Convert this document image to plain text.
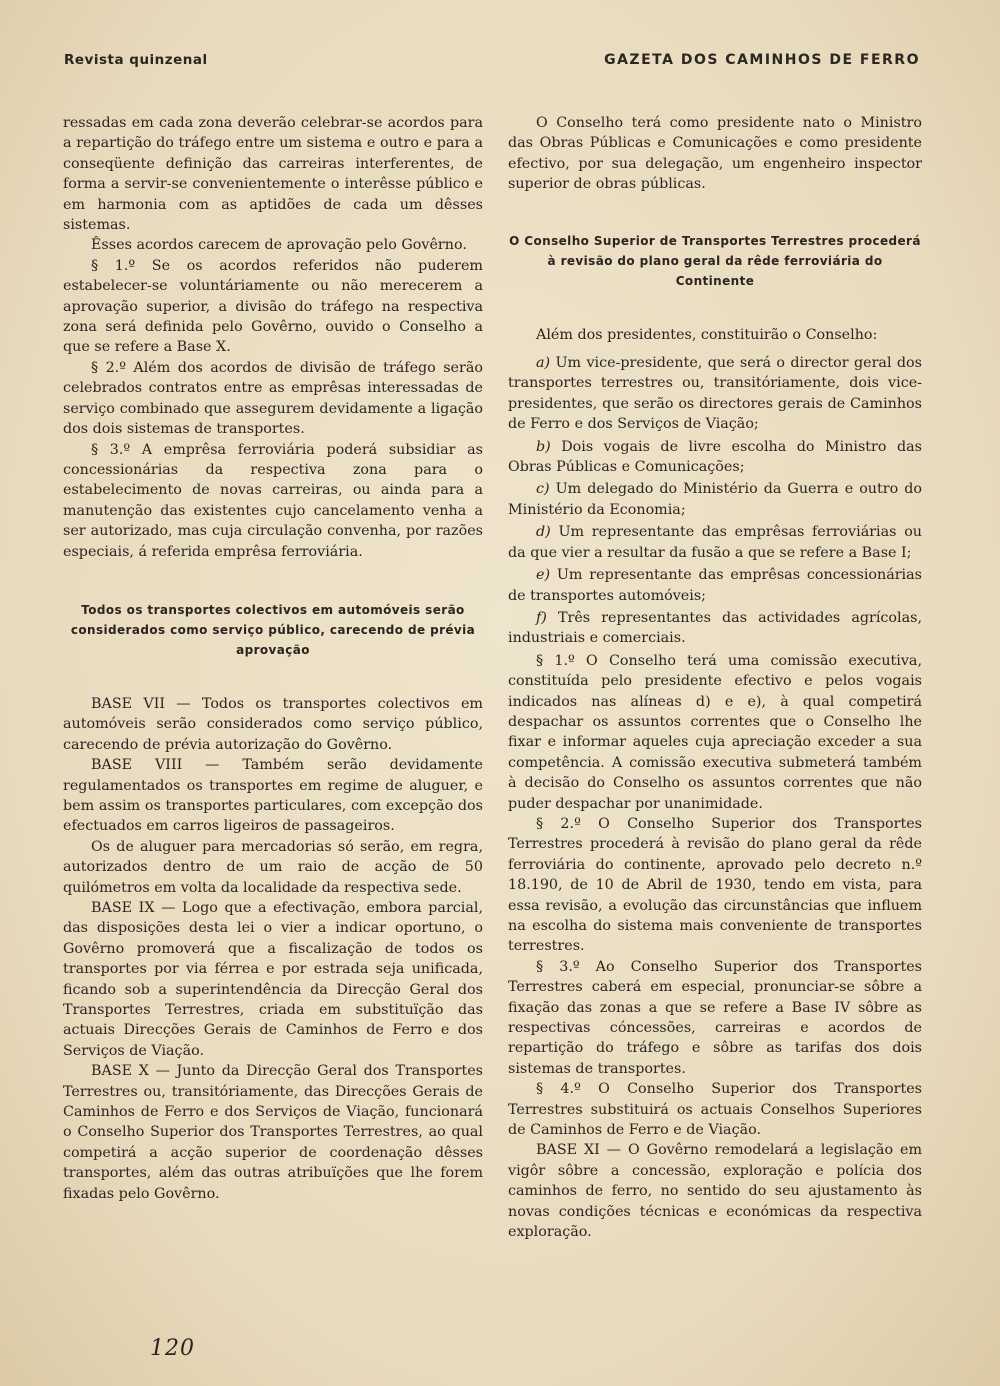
Revista quinzenal	GAZETA DOS CAMINHOS DE FERRO

ressadas em cada zona deverão celebrar-se acordos para a repartição do tráfego entre um sistema e outro e para a conseqüente definição das carreiras interferentes, de forma a servir-se convenientemente o interêsse público e em harmonia com as aptidões de cada um dêsses sistemas.

Êsses acordos carecem de aprovação pelo Govêrno.

§ 1.º Se os acordos referidos não puderem estabelecer-se voluntáriamente ou não merecerem a aprovação superior, a divisão do tráfego na respectiva zona será definida pelo Govêrno, ouvido o Conselho a que se refere a Base X.

§ 2.º Além dos acordos de divisão de tráfego serão celebrados contratos entre as emprêsas interessadas de serviço combinado que assegurem devidamente a ligação dos dois sistemas de transportes.

§ 3.º A emprêsa ferroviária poderá subsidiar as concessionárias da respectiva zona para o estabelecimento de novas carreiras, ou ainda para a manutenção das existentes cujo cancelamento venha a ser autorizado, mas cuja circulação convenha, por razões especiais, á referida emprêsa ferroviária.

Todos os transportes colectivos em automóveis serão considerados como serviço público, carecendo de prévia aprovação

BASE VII — Todos os transportes colectivos em automóveis serão considerados como serviço público, carecendo de prévia autorização do Govêrno.

BASE VIII — Também serão devidamente regulamentados os transportes em regime de aluguer, e bem assim os transportes particulares, com excepção dos efectuados em carros ligeiros de passageiros.

Os de aluguer para mercadorias só serão, em regra, autorizados dentro de um raio de acção de 50 quilómetros em volta da localidade da respectiva sede.

BASE IX — Logo que a efectivação, embora parcial, das disposições desta lei o vier a indicar oportuno, o Govêrno promoverá que a fiscalização de todos os transportes por via férrea e por estrada seja unificada, ficando sob a superintendência da Direcção Geral dos Transportes Terrestres, criada em substituïção das actuais Direcções Gerais de Caminhos de Ferro e dos Serviços de Viação.

BASE X — Junto da Direcção Geral dos Transportes Terrestres ou, transitóriamente, das Direcções Gerais de Caminhos de Ferro e dos Serviços de Viação, funcionará o Conselho Superior dos Transportes Terrestres, ao qual competirá a acção superior de coordenação dêsses transportes, além das outras atribuïções que lhe forem fixadas pelo Govêrno.

O Conselho terá como presidente nato o Ministro das Obras Públicas e Comunicações e como presidente efectivo, por sua delegação, um engenheiro inspector superior de obras públicas.

O Conselho Superior de Transportes Terrestres procederá à revisão do plano geral da rêde ferroviária do Continente

Além dos presidentes, constituirão o Conselho:

a) Um vice-presidente, que será o director geral dos transportes terrestres ou, transitóriamente, dois vice-presidentes, que serão os directores gerais de Caminhos de Ferro e dos Serviços de Viação;

b) Dois vogais de livre escolha do Ministro das Obras Públicas e Comunicações;

c) Um delegado do Ministério da Guerra e outro do Ministério da Economia;

d) Um representante das emprêsas ferroviárias ou da que vier a resultar da fusão a que se refere a Base I;

e) Um representante das emprêsas concessionárias de transportes automóveis;

f) Três representantes das actividades agrícolas, industriais e comerciais.

§ 1.º O Conselho terá uma comissão executiva, constituída pelo presidente efectivo e pelos vogais indicados nas alíneas d) e e), à qual competirá despachar os assuntos correntes que o Conselho lhe fixar e informar aqueles cuja apreciação exceder a sua competência. A comissão executiva submeterá também à decisão do Conselho os assuntos correntes que não puder despachar por unanimidade.

§ 2.º O Conselho Superior dos Transportes Terrestres procederá à revisão do plano geral da rêde ferroviária do continente, aprovado pelo decreto n.º 18.190, de 10 de Abril de 1930, tendo em vista, para essa revisão, a evolução das circunstâncias que influem na escolha do sistema mais conveniente de transportes terrestres.

§ 3.º Ao Conselho Superior dos Transportes Terrestres caberá em especial, pronunciar-se sôbre a fixação das zonas a que se refere a Base IV sôbre as respectivas cóncessões, carreiras e acordos de repartição do tráfego e sôbre as tarifas dos dois sistemas de transportes.

§ 4.º O Conselho Superior dos Transportes Terrestres substituirá os actuais Conselhos Superiores de Caminhos de Ferro e de Viação.

BASE XI — O Govêrno remodelará a legislação em vigôr sôbre a concessão, exploração e polícia dos caminhos de ferro, no sentido do seu ajustamento às novas condições técnicas e económicas da respectiva exploração.

120
